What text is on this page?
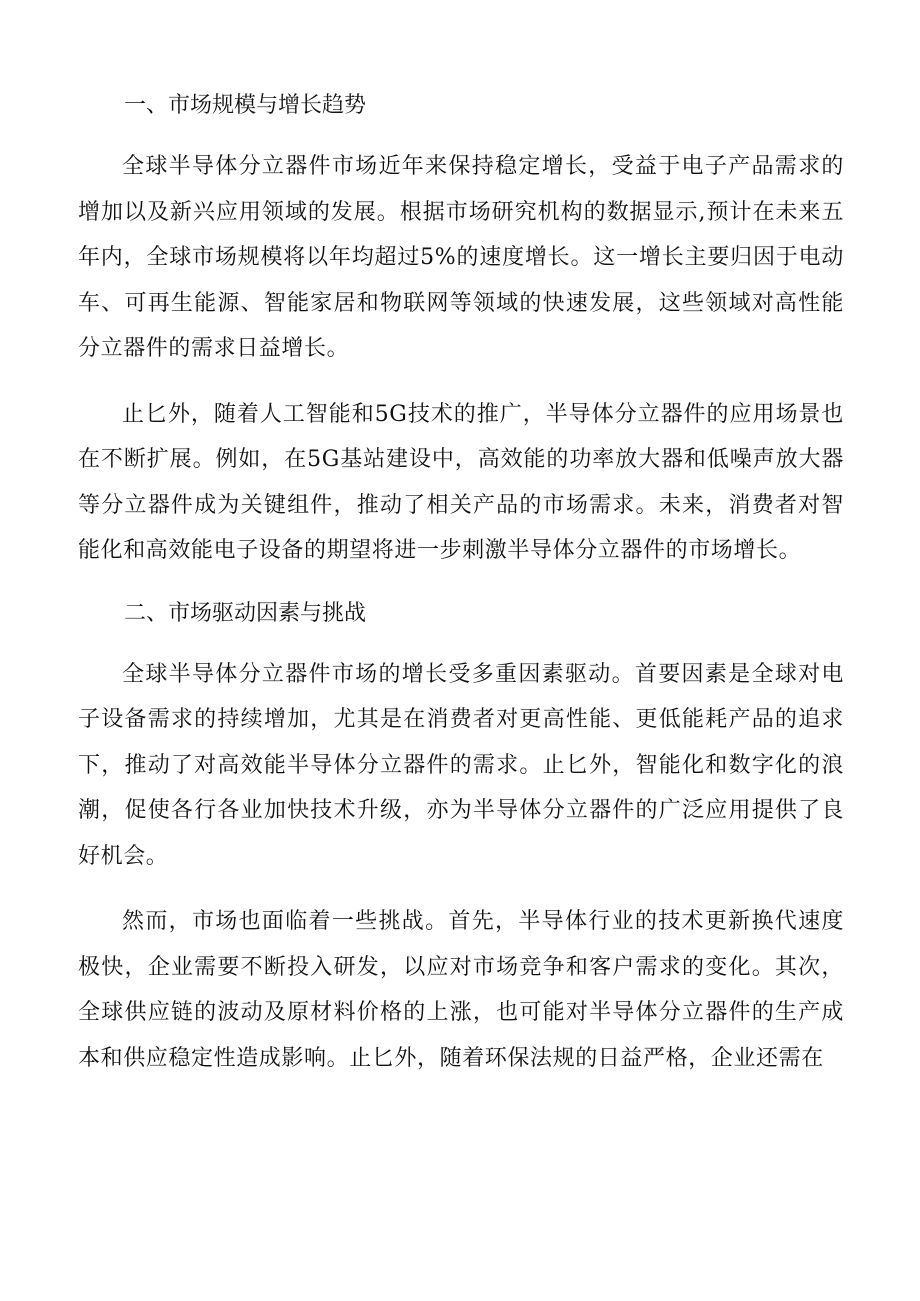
一、市场规模与增长趋势

全球半导体分立器件市场近年来保持稳定增长，受益于电子产品需求的增加以及新兴应用领域的发展。根据市场研究机构的数据显示,预计在未来五年内，全球市场规模将以年均超过5%的速度增长。这一增长主要归因于电动车、可再生能源、智能家居和物联网等领域的快速发展，这些领域对高性能分立器件的需求日益增长。

止匕外，随着人工智能和5G技术的推广，半导体分立器件的应用场景也在不断扩展。例如，在5G基站建设中，高效能的功率放大器和低噪声放大器等分立器件成为关键组件，推动了相关产品的市场需求。未来，消费者对智能化和高效能电子设备的期望将进一步刺激半导体分立器件的市场增长。

二、市场驱动因素与挑战

全球半导体分立器件市场的增长受多重因素驱动。首要因素是全球对电子设备需求的持续增加，尤其是在消费者对更高性能、更低能耗产品的追求下，推动了对高效能半导体分立器件的需求。止匕外，智能化和数字化的浪潮，促使各行各业加快技术升级，亦为半导体分立器件的广泛应用提供了良好机会。

然而，市场也面临着一些挑战。首先，半导体行业的技术更新换代速度极快，企业需要不断投入研发，以应对市场竞争和客户需求的变化。其次，全球供应链的波动及原材料价格的上涨，也可能对半导体分立器件的生产成本和供应稳定性造成影响。止匕外，随着环保法规的日益严格，企业还需在
